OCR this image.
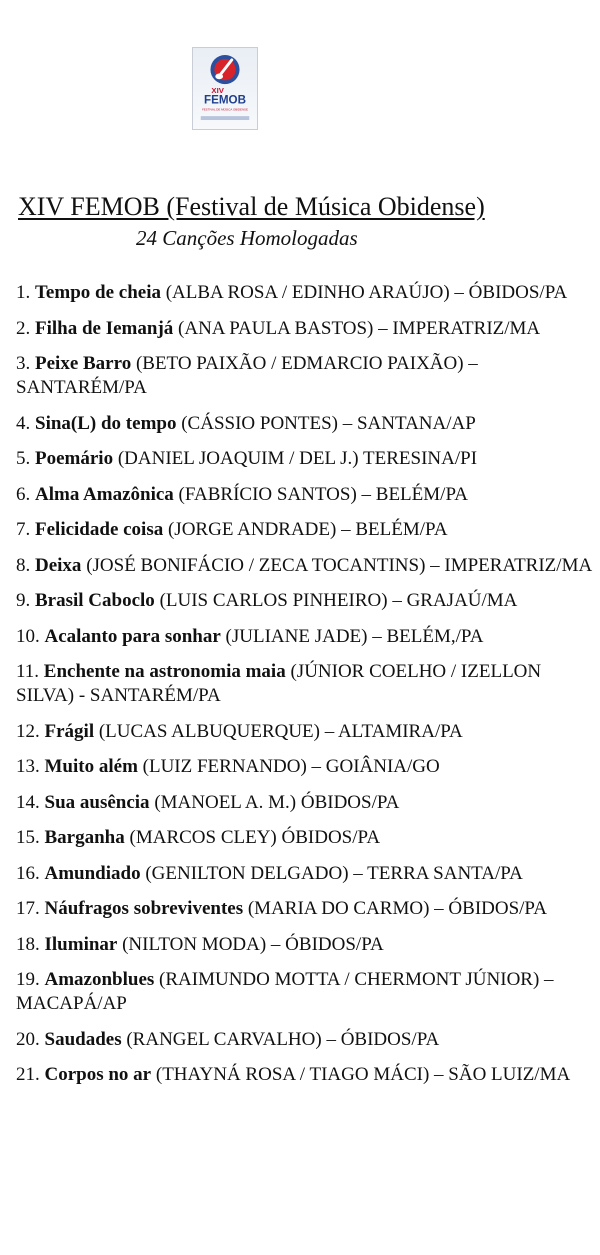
XIV
FEMOB
FESTIVAL DE MÚSICA OBIDENSE
XIV FEMOB (Festival de Música Obidense)
24 Canções Homologadas
1. Tempo de cheia (ALBA ROSA / EDINHO ARAÚJO) – ÓBIDOS/PA
2. Filha de Iemanjá (ANA PAULA BASTOS) – IMPERATRIZ/MA
3. Peixe Barro (BETO PAIXÃO / EDMARCIO PAIXÃO) – SANTARÉM/PA
4. Sina(L) do tempo (CÁSSIO PONTES) – SANTANA/AP
5. Poemário (DANIEL JOAQUIM / DEL J.) TERESINA/PI
6. Alma Amazônica (FABRÍCIO SANTOS) – BELÉM/PA
7. Felicidade coisa (JORGE ANDRADE) – BELÉM/PA
8. Deixa (JOSÉ BONIFÁCIO / ZECA TOCANTINS) – IMPERATRIZ/MA
9. Brasil Caboclo (LUIS CARLOS PINHEIRO) – GRAJAÚ/MA
10. Acalanto para sonhar (JULIANE JADE) – BELÉM,/PA
11. Enchente na astronomia maia (JÚNIOR COELHO / IZELLON SILVA) - SANTARÉM/PA
12. Frágil (LUCAS ALBUQUERQUE) – ALTAMIRA/PA
13. Muito além (LUIZ FERNANDO) – GOIÂNIA/GO
14. Sua ausência (MANOEL A. M.) ÓBIDOS/PA
15. Barganha (MARCOS CLEY) ÓBIDOS/PA
16. Amundiado (GENILTON DELGADO) – TERRA SANTA/PA
17. Náufragos sobreviventes (MARIA DO CARMO) – ÓBIDOS/PA
18. Iluminar (NILTON MODA) – ÓBIDOS/PA
19. Amazonblues (RAIMUNDO MOTTA / CHERMONT JÚNIOR) – MACAPÁ/AP
20. Saudades (RANGEL CARVALHO) – ÓBIDOS/PA
21. Corpos no ar (THAYNÁ ROSA / TIAGO MÁCI) – SÃO LUIZ/MA
